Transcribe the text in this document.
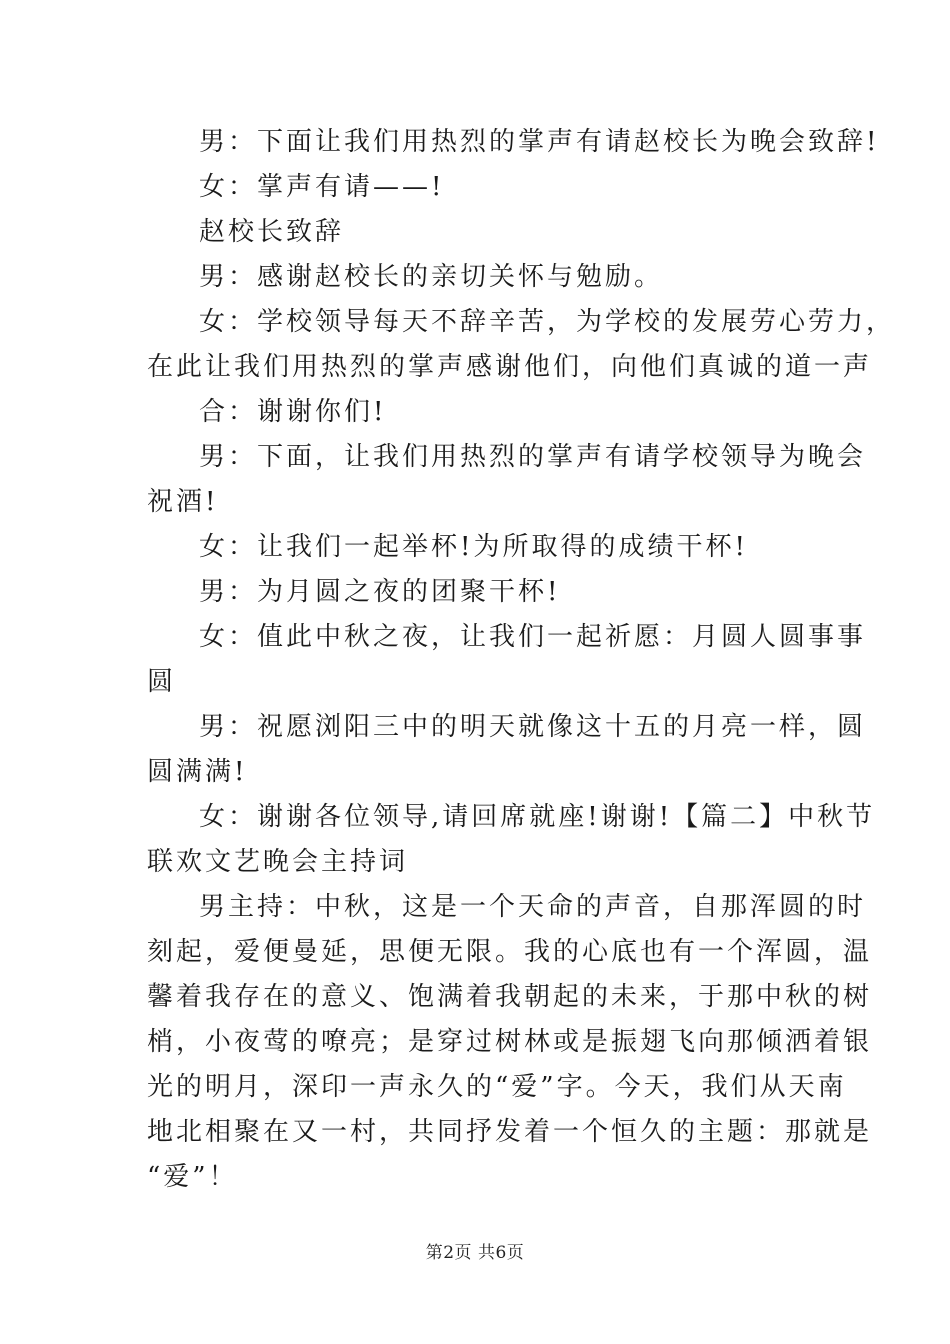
男：下面让我们用热烈的掌声有请赵校长为晚会致辞!
女：掌声有请——!
赵校长致辞
男：感谢赵校长的亲切关怀与勉励。
女：学校领导每天不辞辛苦，为学校的发展劳心劳力，
在此让我们用热烈的掌声感谢他们，向他们真诚的道一声
合：谢谢你们!
男：下面，让我们用热烈的掌声有请学校领导为晚会
祝酒!
女：让我们一起举杯!为所取得的成绩干杯!
男：为月圆之夜的团聚干杯!
女：值此中秋之夜，让我们一起祈愿：月圆人圆事事
圆
男：祝愿浏阳三中的明天就像这十五的月亮一样，圆
圆满满!
女：谢谢各位领导,请回席就座!谢谢!【篇二】中秋节
联欢文艺晚会主持词
男主持：中秋，这是一个天命的声音，自那浑圆的时
刻起，爱便曼延，思便无限。我的心底也有一个浑圆，温
馨着我存在的意义、饱满着我朝起的未来，于那中秋的树
梢，小夜莺的嘹亮；是穿过树林或是振翅飞向那倾洒着银
光的明月，深印一声永久的“爱”字。今天，我们从天南
地北相聚在又一村，共同抒发着一个恒久的主题：那就是
“爱”！
第2页 共6页
